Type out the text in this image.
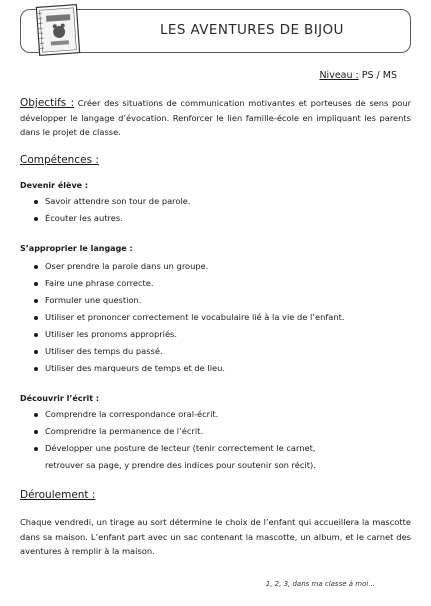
LES AVENTURES DE BIJOU
Niveau : PS / MS
Objectifs : Créer des situations de communication motivantes et porteuses de sens pour développer le langage d’évocation. Renforcer le lien famille-école en impliquant les parents dans le projet de classe.
Compétences :
Devenir élève :
Savoir attendre son tour de parole.
Écouter les autres.
S’approprier le langage :
Oser prendre la parole dans un groupe.
Faire une phrase correcte.
Formuler une question.
Utiliser et prononcer correctement le vocabulaire lié à la vie de l’enfant.
Utiliser les pronoms appropriés.
Utiliser des temps du passé.
Utiliser des marqueurs de temps et de lieu.
Découvrir l’écrit :
Comprendre la correspondance oral-écrit.
Comprendre la permanence de l’écrit.
Développer une posture de lecteur (tenir correctement le carnet,
retrouver sa page, y prendre des indices pour soutenir son récit).
Déroulement :
Chaque vendredi, un tirage au sort détermine le choix de l’enfant qui accueillera la mascotte dans sa maison. L’enfant part avec un sac contenant la mascotte, un album, et le carnet des aventures à remplir à la maison.
1, 2, 3, dans ma classe à moi...
